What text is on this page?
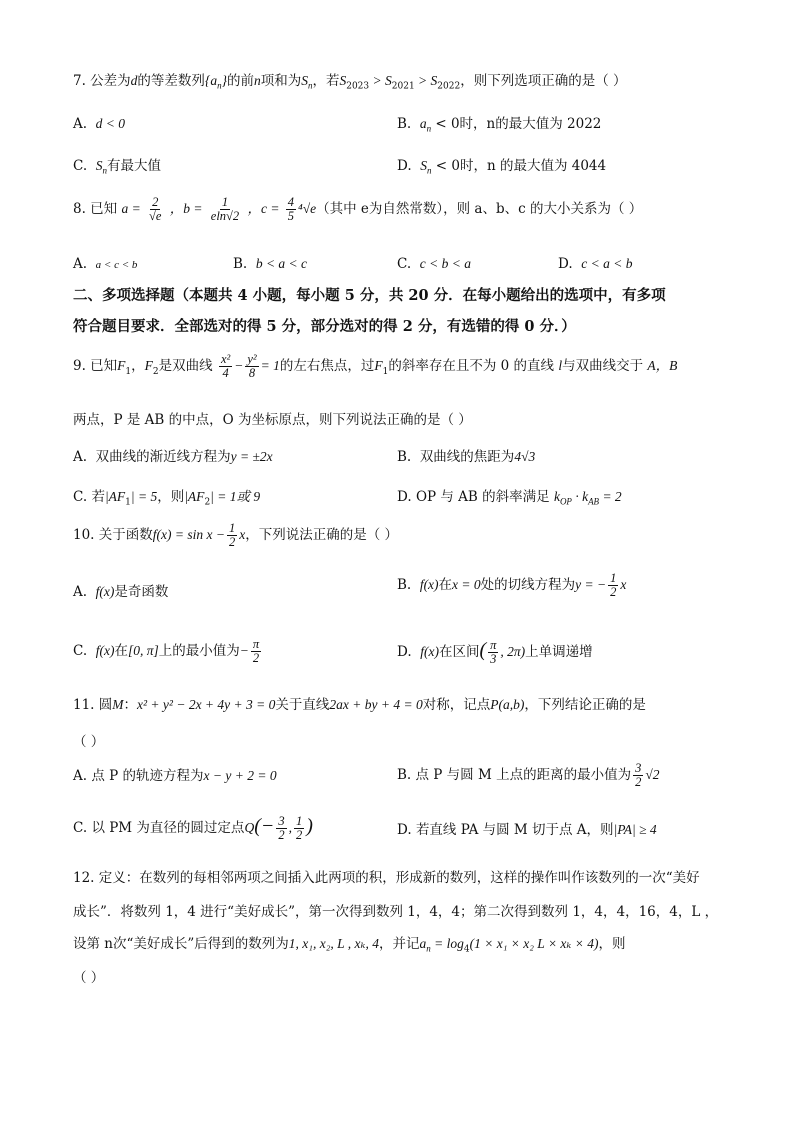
7. 公差为d的等差数列$\{a_n\}$的前n项和为$S_n$，若$S_{2023} > S_{2021} > S_{2022}$，则下列选项正确的是（ ）
A. d < 0	B. $a_n < 0$时，n的最大值为 2022
C. $S_n$有最大值	D. $S_n < 0$时，n 的最大值为 4044
8. 已知 $a = \frac{2}{√e}$ ，$b = \frac{1}{eln√2}$ ，$c = \frac{4}{5} ^4√e$（其中 e为自然常数），则 a、b、c 的大小关系为（ ）
A. a < c < b	B. b < a < c	C. c < b < a	D. c < a < b
二、多项选择题（本题共 4 小题，每小题 5 分，共 20 分．在每小题给出的选项中，有多项
符合题目要求．全部选对的得 5 分，部分选对的得 2 分，有选错的得 0 分．）
9. 已知$F_1$，$F_2$是双曲线 $\frac{\text{x²}}{4} - \frac{\text{y²}}{8} = 1$的左右焦点，过$F_1$的斜率存在且不为 0 的直线 l与双曲线交于 A，B
两点，P 是 AB 的中点，O 为坐标原点，则下列说法正确的是（ ）
A. 双曲线的渐近线方程为y = ±2x	B. 双曲线的焦距为4√3
C. 若$|AF_1| = 5$，则$|AF_2| = 1$或 9	D. OP 与 AB 的斜率满足 $k_{OP} \cdot k_{AB} = 2$
10. 关于函数$f(x) = \sin x - \frac{1}{2}$ x，下列说法正确的是（ ）
A. f(x)是奇函数	B. f(x)在x = 0处的切线方程为y = − $\frac{1}{2}$ x
C. f(x)在[0, π]上的最小值为− $\frac{\pi}{2}$	D. f(x)在区间( $\frac{\pi}{3}$ , 2π)上单调递增
11. 圆M：x² + y² − 2x + 4y + 3 = 0关于直线2ax + by + 4 = 0对称，记点P(a,b)，下列结论正确的是
（ ）
A. 点 P 的轨迹方程为x − y + 2 = 0	B. 点 P 与圆 M 上点的距离的最小值为 $\frac{3}{2} √2$
C. 以 PM 为直径的圆过定点$Q(- \frac{3}{2}$ , $\frac{1}{2}$ )	D. 若直线 PA 与圆 M 切于点 A，则|PA| ≥ 4
12. 定义：在数列的每相邻两项之间插入此两项的积，形成新的数列，这样的操作叫作该数列的一次“美好
成长”．将数列 1，4 进行“美好成长”，第一次得到数列 1，4，4；第二次得到数列 1，4，4，16，4，L ，
设第 n次“美好成长”后得到的数列为1, x₁, x₂, L , xₖ, 4，并记$a_n = \log_4(1 \times x_1 \times x_2$ L × xₖ × 4)，则
（ ）
